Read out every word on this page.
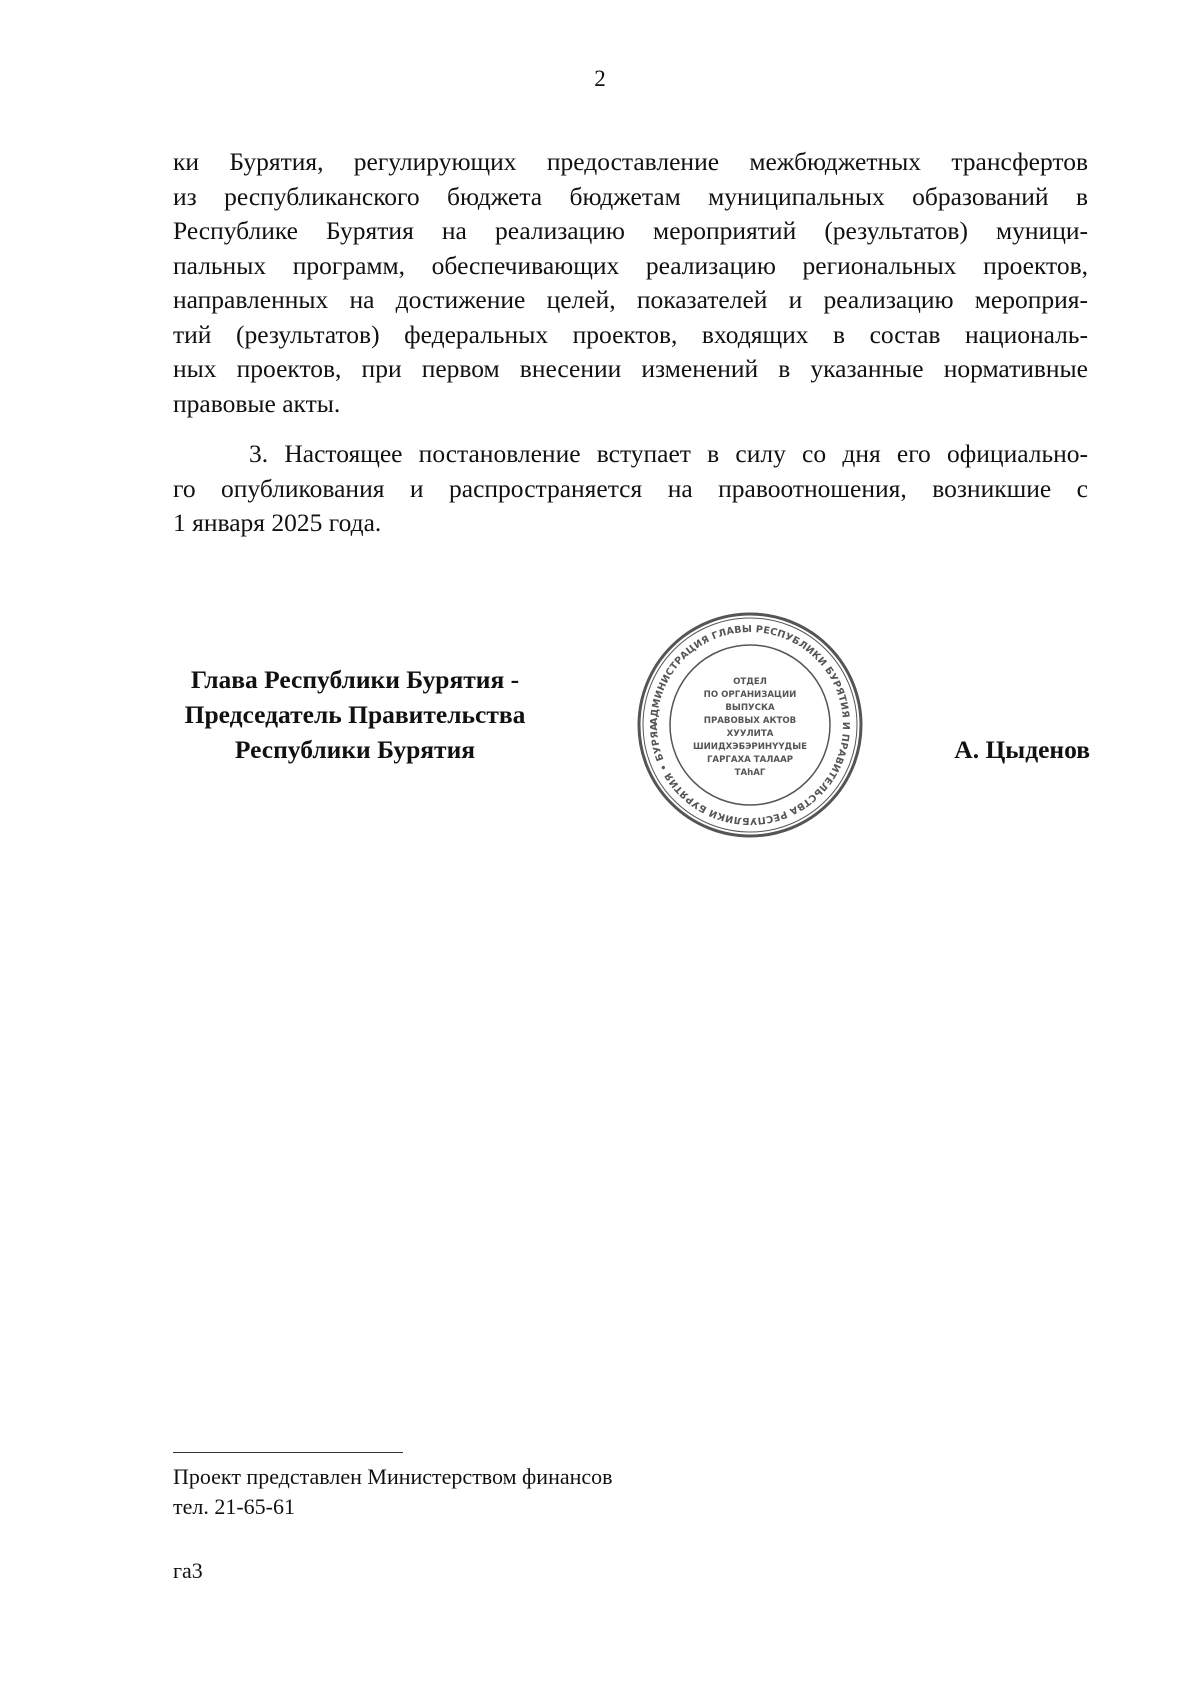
2
ки Бурятия, регулирующих предоставление межбюджетных трансфертов
из республиканского бюджета бюджетам муниципальных образований в
Республике Бурятия на реализацию мероприятий (результатов) муници-
пальных программ, обеспечивающих реализацию региональных проектов,
направленных на достижение целей, показателей и реализацию мероприя-
тий (результатов) федеральных проектов, входящих в состав националь-
ных проектов, при первом внесении изменений в указанные нормативные
правовые акты.
3. Настоящее постановление вступает в силу со дня его официально-
го опубликования и распространяется на правоотношения, возникшие с
1 января 2025 года.
Глава Республики Бурятия -
Председатель Правительства
Республики Бурятия
АДМИНИСТРАЦИЯ ГЛАВЫ РЕСПУБЛИКИ БУРЯТИЯ И ПРАВИТЕЛЬСТВА РЕСПУБЛИКИ БУРЯТИЯ • БУРЯА
ОТДЕЛ
ПО ОРГАНИЗАЦИИ
ВЫПУСКА
ПРАВОВЫХ АКТОВ
ХУУЛИТА
ШИИДХЭБЭРИНҮҮДЫЕ
ГАРГАХА ТАЛААР
ТАһАГ
А. Цыденов
Проект представлен Министерством финансов
тел. 21-65-61
га3
